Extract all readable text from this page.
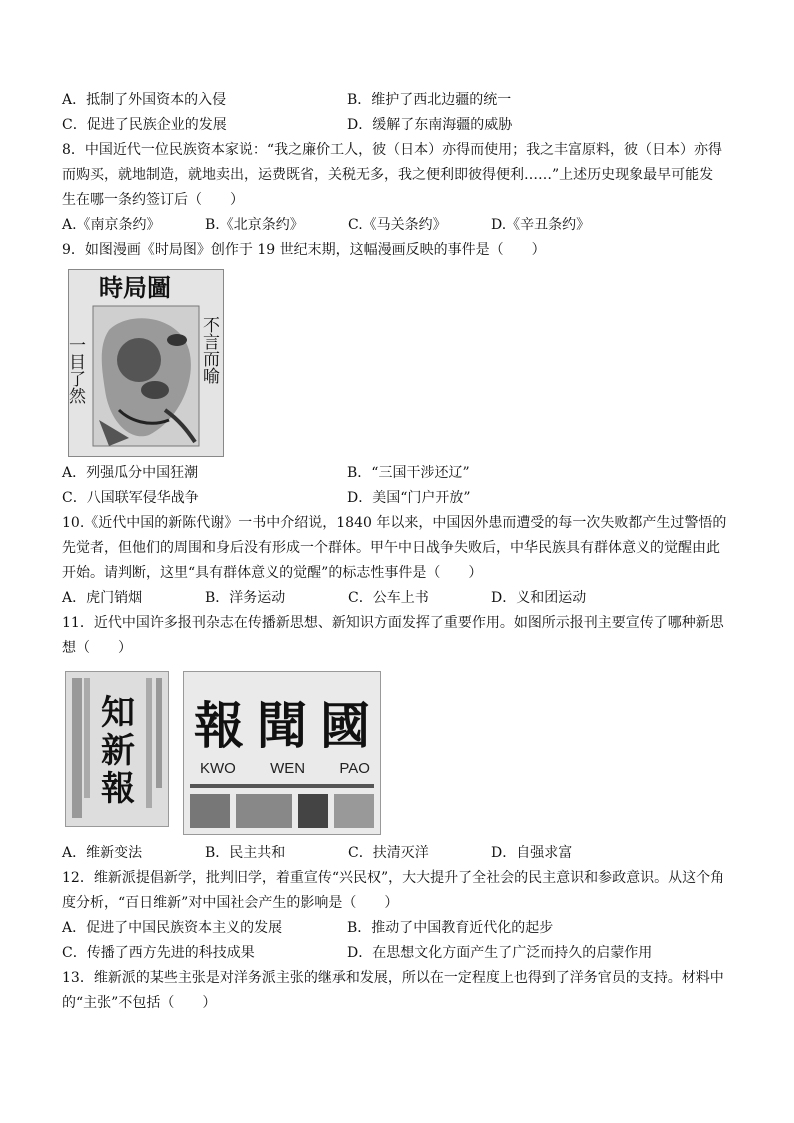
A．抵制了外国资本的入侵	B．维护了西北边疆的统一
C．促进了民族企业的发展	D．缓解了东南海疆的威胁
8．中国近代一位民族资本家说：“我之廉价工人，彼（日本）亦得而使用；我之丰富原料，彼（日本）亦得
而购买，就地制造，就地卖出，运费既省，关税无多，我之便利即彼得便利……”上述历史现象最早可能发
生在哪一条约签订后（　　）
A.《南京条约》	B.《北京条约》	C.《马关条约》	D.《辛丑条约》
9．如图漫画《时局图》创作于 19 世纪末期，这幅漫画反映的事件是（　　）
時局圖
一目了然	不言而喻
A．列强瓜分中国狂潮	B．“三国干涉还辽”
C．八国联军侵华战争	D．美国“门户开放”
10.《近代中国的新陈代谢》一书中介绍说，1840 年以来，中国因外患而遭受的每一次失败都产生过警悟的
先觉者，但他们的周围和身后没有形成一个群体。甲午中日战争失败后，中华民族具有群体意义的觉醒由此
开始。请判断，这里“具有群体意义的觉醒”的标志性事件是（　　）
A．虎门销烟	B．洋务运动	C．公车上书	D．义和团运动
11．近代中国许多报刊杂志在传播新思想、新知识方面发挥了重要作用。如图所示报刊主要宣传了哪种新思
想（　　）
知新報
報 聞 國
KWO WEN PAO
A．维新变法	B．民主共和	C．扶清灭洋	D．自强求富
12．维新派提倡新学，批判旧学，着重宣传“兴民权”，大大提升了全社会的民主意识和参政意识。从这个角
度分析，“百日维新”对中国社会产生的影响是（　　）
A．促进了中国民族资本主义的发展	B．推动了中国教育近代化的起步
C．传播了西方先进的科技成果	D．在思想文化方面产生了广泛而持久的启蒙作用
13．维新派的某些主张是对洋务派主张的继承和发展，所以在一定程度上也得到了洋务官员的支持。材料中
的“主张”不包括（　　）
